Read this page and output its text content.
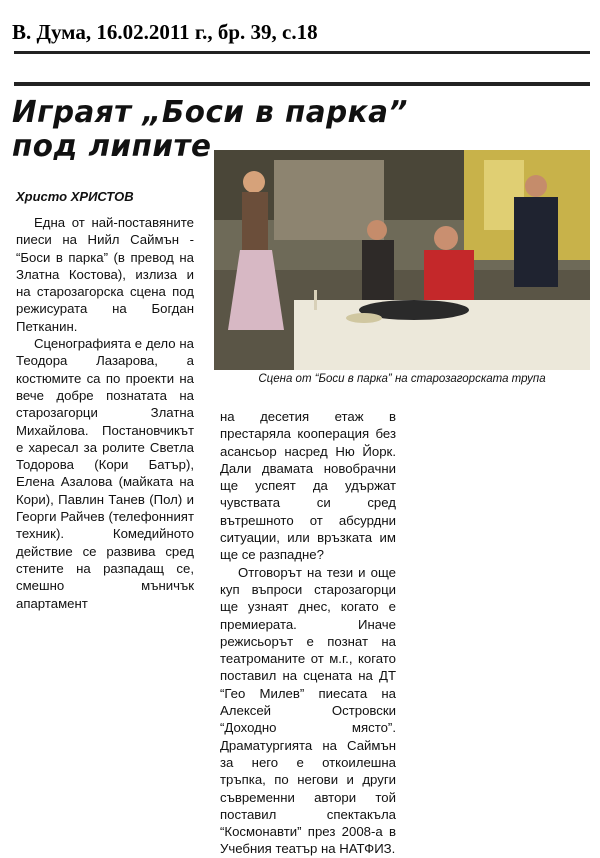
В. Дума, 16.02.2011 г., бр. 39, с.18
Играят „Боси в парка” под липите
Христо ХРИСТОВ

Една от най-поставяните пиеси на Нийл Саймън - “Боси в парка” (в превод на Златна Костова), излиза и на старозагорска сцена под режисурата на Богдан Петканин.

Сценографията е дело на Теодора Лазарова, а костюмите са по проекти на вече добре познатата на старозагорци Златна Михайлова. Постановчикът е харесал за ролите Светла Тодорова (Кори Батър), Елена Азалова (майката на Кори), Павлин Танев (Пол) и Георги Райчев (телефонният техник). Комедийното действие се развива сред стените на разпадащ се, смешно мъничък апартамент

Сцена от “Боси в парка” на старозагорската трупа

на десетия етаж в престаряла кооперация без асансьор насред Ню Йорк. Дали двамата новобрачни ще успеят да удържат чувствата си сред вътрешното от абсурдни ситуации, или връзката им ще се разпадне?

Отговорът на тези и още куп въпроси старозагорци ще узнаят днес, когато е премиерата. Иначе режисьорът е познат на театроманите от м.г., когато поставил на сцената на ДТ “Гео Милев” пиесата на Алексей Островски “Доходно място”. Драматургията на Саймън за него е откоилешна тръпка, по негови и други съвременни автори той поставил спектакъла “Космонавти” през 2008-а в Учебния театър на НАТФИЗ.
